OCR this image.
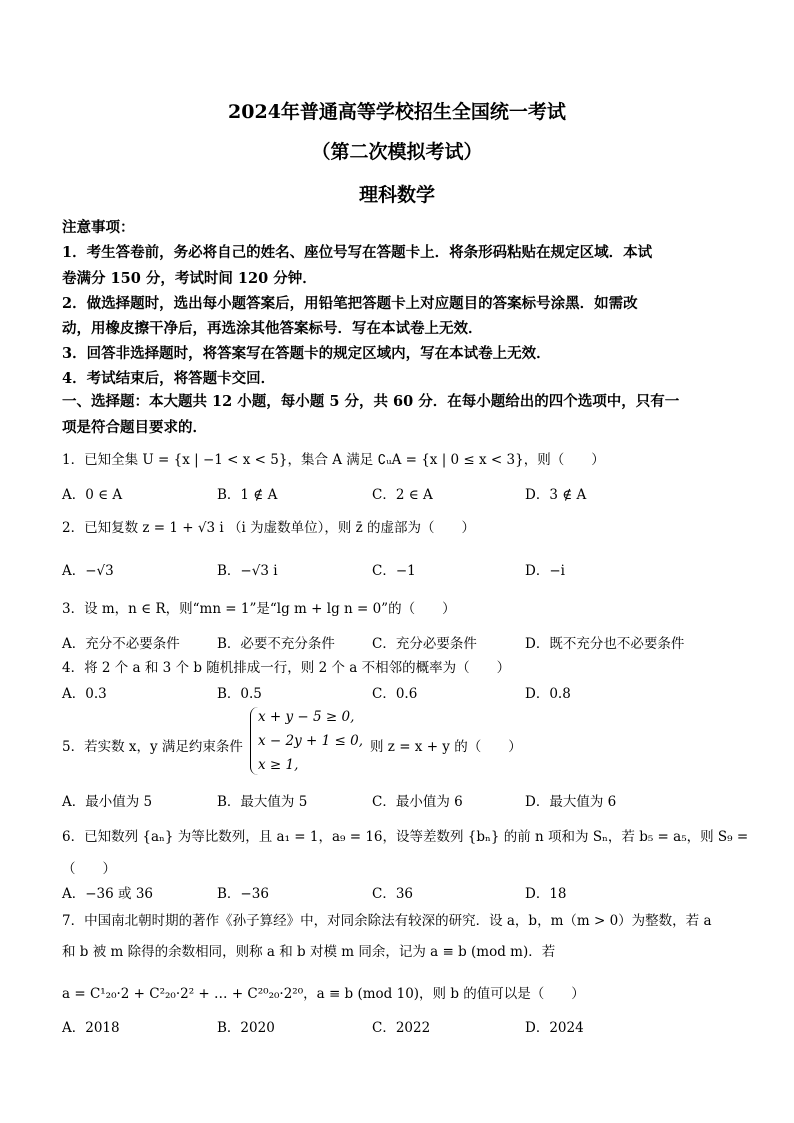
2024年普通高等学校招生全国统一考试
（第二次模拟考试）
理科数学
注意事项：
1．考生答卷前，务必将自己的姓名、座位号写在答题卡上．将条形码粘贴在规定区域．本试
卷满分 150 分，考试时间 120 分钟．
2．做选择题时，选出每小题答案后，用铅笔把答题卡上对应题目的答案标号涂黑．如需改
动，用橡皮擦干净后，再选涂其他答案标号．写在本试卷上无效．
3．回答非选择题时，将答案写在答题卡的规定区域内，写在本试卷上无效．
4．考试结束后，将答题卡交回．
一、选择题：本大题共 12 小题，每小题 5 分，共 60 分．在每小题给出的四个选项中，只有一
项是符合题目要求的．
1．已知全集 U = {x | −1 < x < 5}，集合 A 满足 ∁ᵤA = {x | 0 ≤ x < 3}，则（　　）
A．0 ∈ A	B．1 ∉ A	C．2 ∈ A	D．3 ∉ A
2．已知复数 z = 1 + √3 i （i 为虚数单位），则 z̄ 的虚部为（　　）
A．−√3	B．−√3 i	C．−1	D．−i
3．设 m，n ∈ R，则“mn = 1”是“lg m + lg n = 0”的（　　）
A．充分不必要条件	B．必要不充分条件	C．充分必要条件	D．既不充分也不必要条件
4．将 2 个 a 和 3 个 b 随机排成一行，则 2 个 a 不相邻的概率为（　　）
A．0.3	B．0.5	C．0.6	D．0.8
5．若实数 x，y 满足约束条件
x + y − 5 ≥ 0,
x − 2y + 1 ≤ 0,
x ≥ 1,
则 z = x + y 的（　　）
A．最小值为 5	B．最大值为 5	C．最小值为 6	D．最大值为 6
6．已知数列 {aₙ} 为等比数列，且 a₁ = 1，a₉ = 16，设等差数列 {bₙ} 的前 n 项和为 Sₙ，若 b₅ = a₅，则 S₉ =
（　　）
A．−36 或 36	B．−36	C．36	D．18
7．中国南北朝时期的著作《孙子算经》中，对同余除法有较深的研究．设 a，b，m（m > 0）为整数，若 a
和 b 被 m 除得的余数相同，则称 a 和 b 对模 m 同余，记为 a ≡ b (mod m)．若
a = C¹₂₀·2 + C²₂₀·2² + … + C²⁰₂₀·2²⁰，a ≡ b (mod 10)，则 b 的值可以是（　　）
A．2018	B．2020	C．2022	D．2024
